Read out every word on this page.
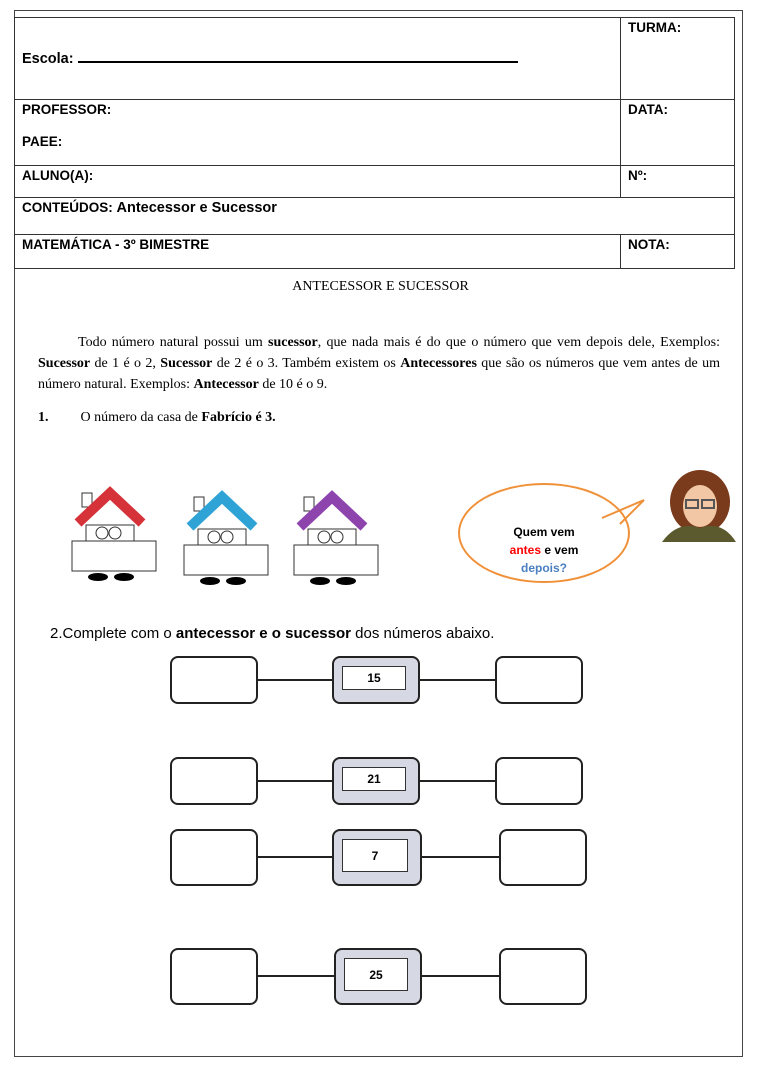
Escola:	TURMA:

PROFESSOR:
PAEE:	DATA:
ALUNO(A):	Nº:
CONTEÚDOS: Antecessor e Sucessor	
MATEMÁTICA - 3º BIMESTRE	NOTA:
ANTECESSOR E SUCESSOR
Todo número natural possui um sucessor, que nada mais é do que o número que vem depois dele, Exemplos: Sucessor de 1 é o 2, Sucessor de 2 é o 3. Também existem os Antecessores que são os números que vem antes de um número natural. Exemplos: Antecessor de 10 é o 9.
1. O número da casa de Fabrício é 3.
Quem vem
antes e vem
depois?
2.Complete com o antecessor e o sucessor dos números abaixo.
15
21
7
25
